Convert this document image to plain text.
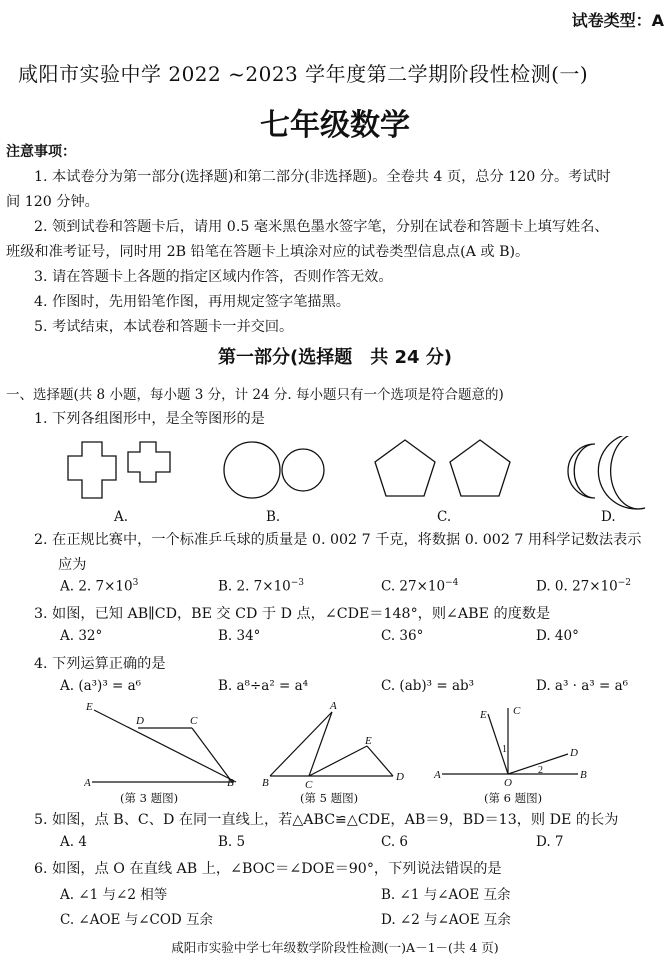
试卷类型：A
咸阳市实验中学 2022 ~2023 学年度第二学期阶段性检测(一)
七年级数学
注意事项：
1. 本试卷分为第一部分(选择题)和第二部分(非选择题)。全卷共 4 页，总分 120 分。考试时
间 120 分钟。
2. 领到试卷和答题卡后，请用 0.5 毫米黑色墨水签字笔，分别在试卷和答题卡上填写姓名、
班级和准考证号，同时用 2B 铅笔在答题卡上填涂对应的试卷类型信息点(A 或 B)。
3. 请在答题卡上各题的指定区域内作答，否则作答无效。
4. 作图时，先用铅笔作图，再用规定签字笔描黑。
5. 考试结束，本试卷和答题卡一并交回。
第一部分(选择题　共 24 分)
一、选择题(共 8 小题，每小题 3 分，计 24 分. 每小题只有一个选项是符合题意的)
1. 下列各组图形中，是全等图形的是
A.	B.	C.	D.
2. 在正规比赛中，一个标准乒乓球的质量是 0. 002 7 千克，将数据 0. 002 7 用科学记数法表示
应为
A. 2. $7\times 10^3$	B. 2. $7\times 10^{-3}$	C. $27\times 10^{-4}$	D. 0. $27\times 10^{-2}$
3. 如图，已知 AB∥CD，BE 交 CD 于 D 点，∠CDE＝148°，则∠ABE 的度数是
A. 32°	B. 34°	C. 36°	D. 40°
4. 下列运算正确的是
A. (a³)³ = a⁶	B. a⁸÷a² = a⁴	C. (ab)³ = ab³	D. a³ · a³ = a⁶
E
D	C
A	B
A
E
B	C
D
E C
1	D
2
A
O
B
(第 3 题图)	(第 5 题图)	(第 6 题图)
5. 如图，点 B、C、D 在同一直线上，若△ABC≌△CDE，AB＝9，BD＝13，则 DE 的长为
A. 4	B. 5	C. 6	D. 7
6. 如图，点 O 在直线 AB 上，∠BOC＝∠DOE＝90°，下列说法错误的是
A. ∠1 与∠2 相等	B. ∠1 与∠AOE 互余
C. ∠AOE 与∠COD 互余	D. ∠2 与∠AOE 互余
咸阳市实验中学七年级数学阶段性检测(一)A－1－(共 4 页)
